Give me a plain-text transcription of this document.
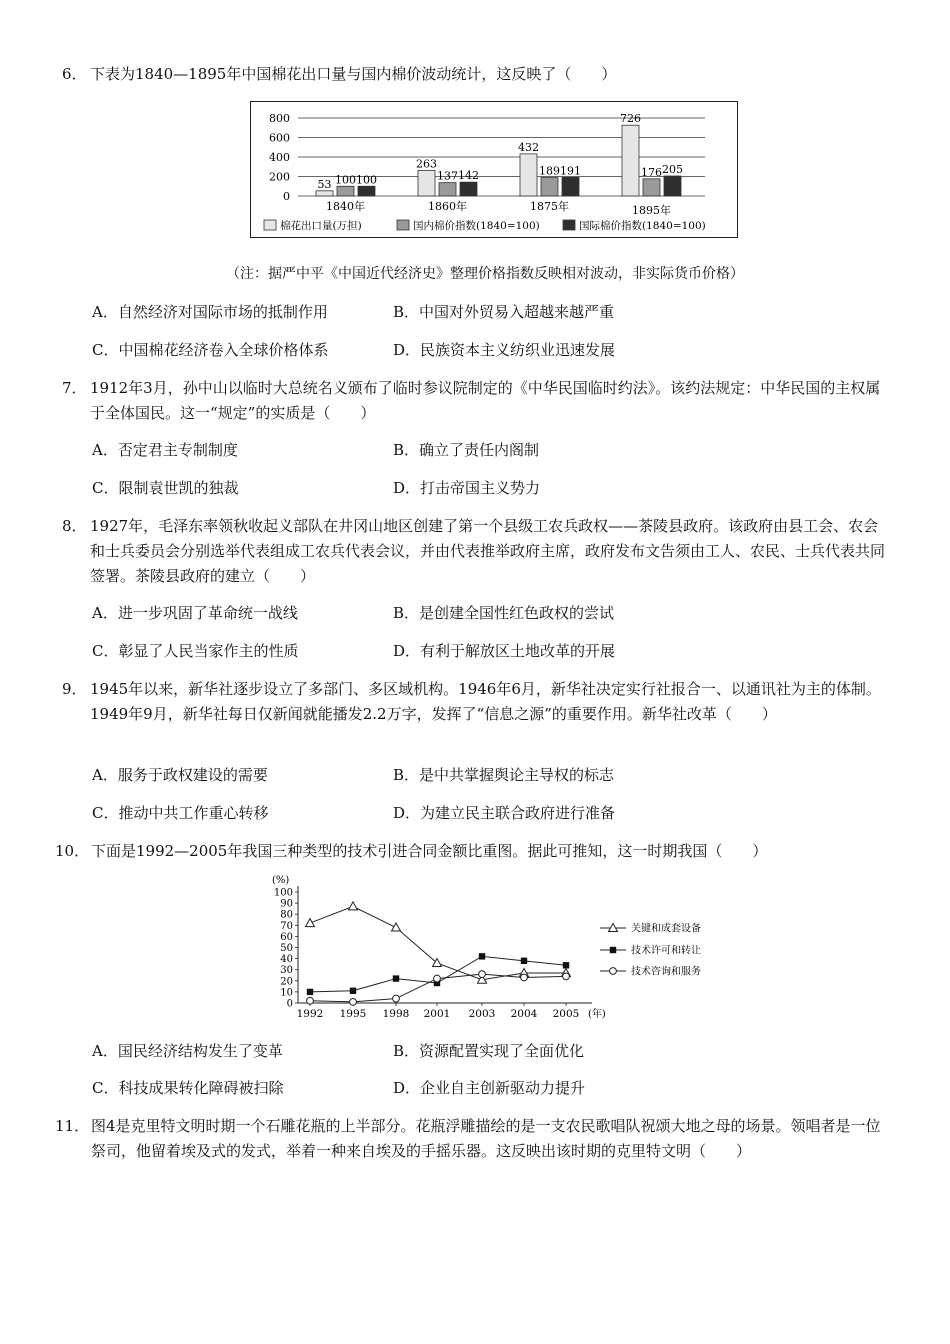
6． 下表为1840—1895年中国棉花出口量与国内棉价波动统计，这反映了（　　）
800
600
400
200
0
53 100 100
1840年
263
137 142
1860年
432
189 191
1875年
726
176 205
1895年
棉花出口量(万担)	国内棉价指数(1840=100)	国际棉价指数(1840=100)
（注：据严中平《中国近代经济史》整理价格指数反映相对波动，非实际货币价格）
A．自然经济对国际市场的抵制作用	B．中国对外贸易入超越来越严重
C．中国棉花经济卷入全球价格体系	D．民族资本主义纺织业迅速发展
7． 1912年3月，孙中山以临时大总统名义颁布了临时参议院制定的《中华民国临时约法》。该约法规定：中华民国的主权属于全体国民。这一“规定”的实质是（　　）
A．否定君主专制制度	B．确立了责任内阁制
C．限制袁世凯的独裁	D．打击帝国主义势力
8． 1927年，毛泽东率领秋收起义部队在井冈山地区创建了第一个县级工农兵政权——茶陵县政府。该政府由县工会、农会和士兵委员会分别选举代表组成工农兵代表会议，并由代表推举政府主席，政府发布文告须由工人、农民、士兵代表共同签署。茶陵县政府的建立（　　）
A．进一步巩固了革命统一战线	B．是创建全国性红色政权的尝试
C．彰显了人民当家作主的性质	D．有利于解放区土地改革的开展
9． 1945年以来，新华社逐步设立了多部门、多区域机构。1946年6月，新华社决定实行社报合一、以通讯社为主的体制。1949年9月，新华社每日仅新闻就能播发2.2万字，发挥了“信息之源”的重要作用。新华社改革（　　）
A．服务于政权建设的需要	B．是中共掌握舆论主导权的标志
C．推动中共工作重心转移	D．为建立民主联合政府进行准备
10． 下面是1992—2005年我国三种类型的技术引进合同金额比重图。据此可推知，这一时期我国（　　）
(%)
100
90
80
70
60
50
40
30
20
10
0
1992 1995 1998 2001 2003 2004 2005 (年)
关键和成套设备
技术许可和转让
技术咨询和服务
A．国民经济结构发生了变革	B．资源配置实现了全面优化
C．科技成果转化障碍被扫除	D．企业自主创新驱动力提升
11． 图4是克里特文明时期一个石雕花瓶的上半部分。花瓶浮雕描绘的是一支农民歌唱队祝颂大地之母的场景。领唱者是一位祭司，他留着埃及式的发式，举着一种来自埃及的手摇乐器。这反映出该时期的克里特文明（　　）
